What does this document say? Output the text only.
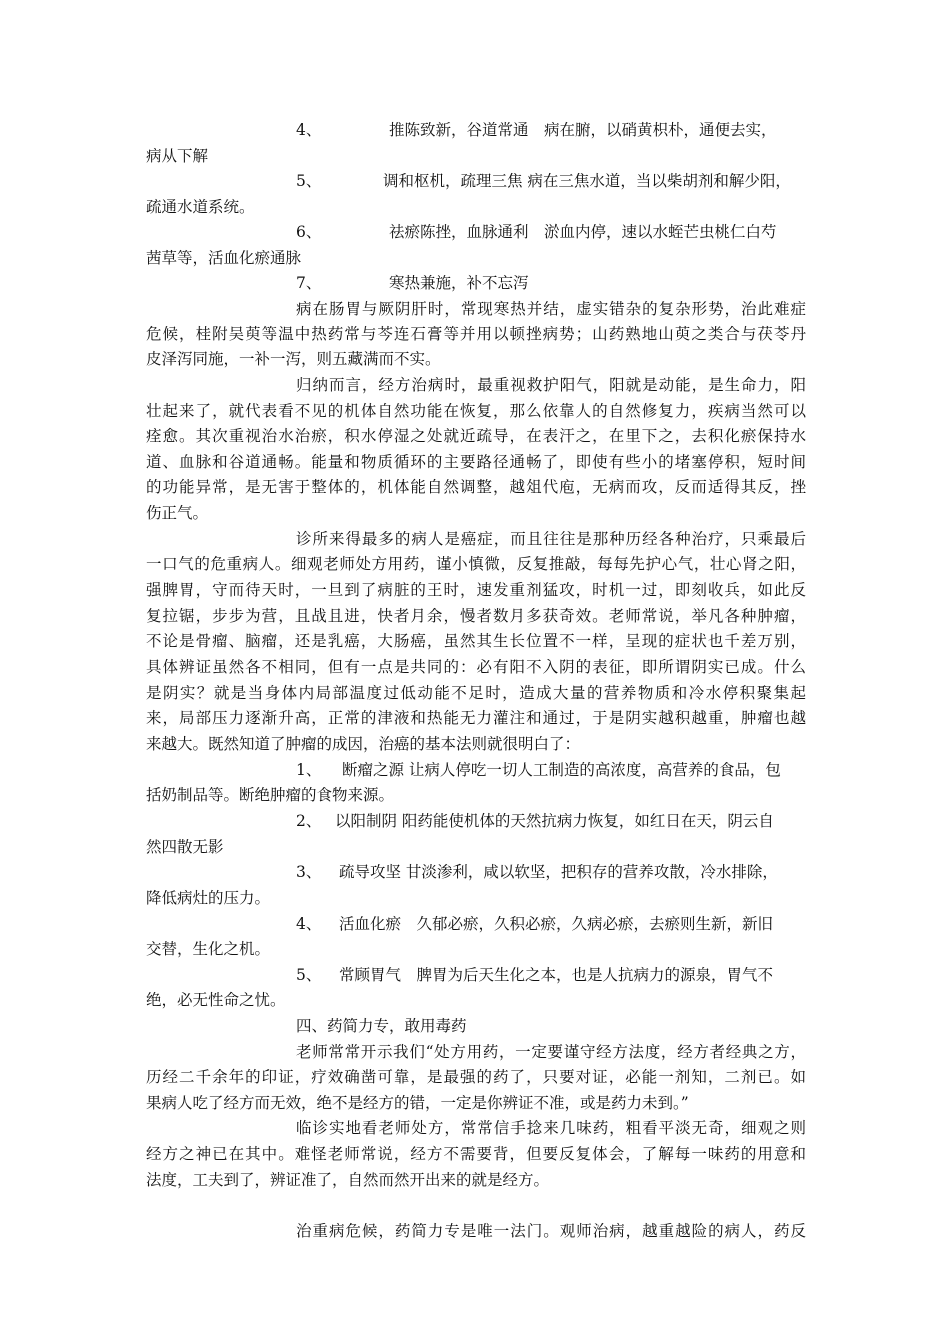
4、	推陈致新，谷道常通　病在腑，以硝黄枳朴，通便去实，
病从下解
5、	调和枢机，疏理三焦 病在三焦水道，当以柴胡剂和解少阳，
疏通水道系统。
6、	祛瘀陈挫，血脉通利　淤血内停，速以水蛭芒虫桃仁白芍
茜草等，活血化瘀通脉
7、	寒热兼施，补不忘泻
病在肠胃与厥阴肝时，常现寒热并结，虚实错杂的复杂形势，治此难症
危候，桂附吴萸等温中热药常与芩连石膏等并用以顿挫病势；山药熟地山萸之类合与茯苓丹
皮泽泻同施，一补一泻，则五藏满而不实。
归纳而言，经方治病时，最重视救护阳气，阳就是动能，是生命力，阳
壮起来了，就代表看不见的机体自然功能在恢复，那么依靠人的自然修复力，疾病当然可以
痊愈。其次重视治水治瘀，积水停湿之处就近疏导，在表汗之，在里下之，去积化瘀保持水
道、血脉和谷道通畅。能量和物质循环的主要路径通畅了，即使有些小的堵塞停积，短时间
的功能异常，是无害于整体的，机体能自然调整，越俎代庖，无病而攻，反而适得其反，挫
伤正气。
诊所来得最多的病人是癌症，而且往往是那种历经各种治疗，只乘最后
一口气的危重病人。细观老师处方用药，谨小慎微，反复推敲，每每先护心气，壮心肾之阳，
强脾胃，守而待天时，一旦到了病脏的王时，速发重剂猛攻，时机一过，即刻收兵，如此反
复拉锯，步步为营，且战且进，快者月余，慢者数月多获奇效。老师常说，举凡各种肿瘤，
不论是骨瘤、脑瘤，还是乳癌，大肠癌，虽然其生长位置不一样，呈现的症状也千差万别，
具体辨证虽然各不相同，但有一点是共同的：必有阳不入阴的表征，即所谓阴实已成。什么
是阴实？就是当身体内局部温度过低动能不足时，造成大量的营养物质和冷水停积聚集起
来，局部压力逐渐升高，正常的津液和热能无力灌注和通过，于是阴实越积越重，肿瘤也越
来越大。既然知道了肿瘤的成因，治癌的基本法则就很明白了：
1、 断瘤之源 让病人停吃一切人工制造的高浓度，高营养的食品，包
括奶制品等。断绝肿瘤的食物来源。
2、 以阳制阴 阳药能使机体的天然抗病力恢复，如红日在天，阴云自
然四散无影
3、 疏导攻坚 甘淡渗利，咸以软坚，把积存的营养攻散，冷水排除，
降低病灶的压力。
4、 活血化瘀　久郁必瘀，久积必瘀，久病必瘀，去瘀则生新，新旧
交替，生化之机。
5、 常顾胃气　脾胃为后天生化之本，也是人抗病力的源泉，胃气不
绝，必无性命之忧。
四、药简力专，敢用毒药
老师常常开示我们“处方用药，一定要谨守经方法度，经方者经典之方，
历经二千余年的印证，疗效确凿可靠，是最强的药了，只要对证，必能一剂知，二剂已。如
果病人吃了经方而无效，绝不是经方的错，一定是你辨证不准，或是药力未到。”
临诊实地看老师处方，常常信手捻来几味药，粗看平淡无奇，细观之则
经方之神已在其中。难怪老师常说，经方不需要背，但要反复体会，了解每一味药的用意和
法度，工夫到了，辨证准了，自然而然开出来的就是经方。
治重病危候，药简力专是唯一法门。观师治病，越重越险的病人，药反
